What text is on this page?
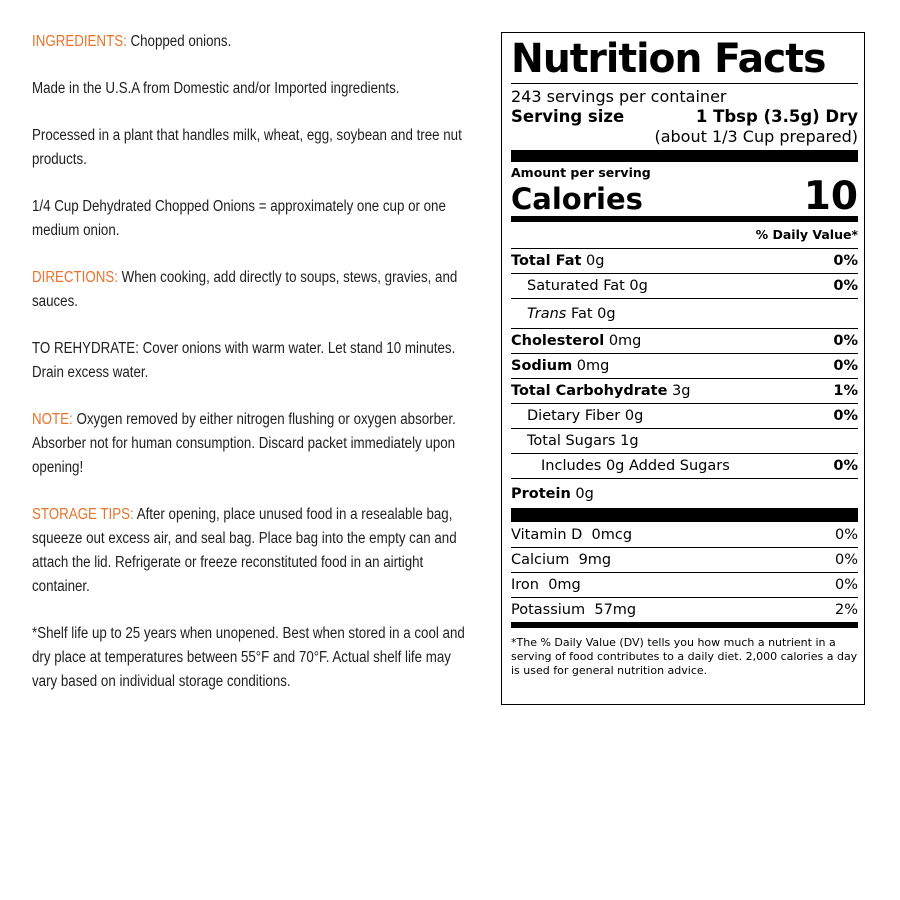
INGREDIENTS: Chopped onions.

Made in the U.S.A from Domestic and/or Imported ingredients.

Processed in a plant that handles milk, wheat, egg, soybean and tree nut products.

1/4 Cup Dehydrated Chopped Onions = approximately one cup or one medium onion.

DIRECTIONS: When cooking, add directly to soups, stews, gravies, and sauces.

TO REHYDRATE: Cover onions with warm water. Let stand 10 minutes. Drain excess water.

NOTE: Oxygen removed by either nitrogen flushing or oxygen absorber. Absorber not for human consumption. Discard packet immediately upon opening!

STORAGE TIPS: After opening, place unused food in a resealable bag, squeeze out excess air, and seal bag. Place bag into the empty can and attach the lid. Refrigerate or freeze reconstituted food in an airtight container.

*Shelf life up to 25 years when unopened. Best when stored in a cool and dry place at temperatures between 55°F and 70°F. Actual shelf life may vary based on individual storage conditions.

Nutrition Facts
243 servings per container
Serving size	1 Tbsp (3.5g) Dry
(about 1/3 Cup prepared)
Amount per serving
Calories	10
% Daily Value*
Total Fat 0g	0%
Saturated Fat 0g	0%
Trans Fat 0g
Cholesterol 0mg	0%
Sodium 0mg	0%
Total Carbohydrate 3g	1%
Dietary Fiber 0g	0%
Total Sugars 1g
Includes 0g Added Sugars	0%
Protein 0g
Vitamin D 0mcg	0%
Calcium 9mg	0%
Iron 0mg	0%
Potassium 57mg	2%
*The % Daily Value (DV) tells you how much a nutrient in a serving of food contributes to a daily diet. 2,000 calories a day is used for general nutrition advice.
